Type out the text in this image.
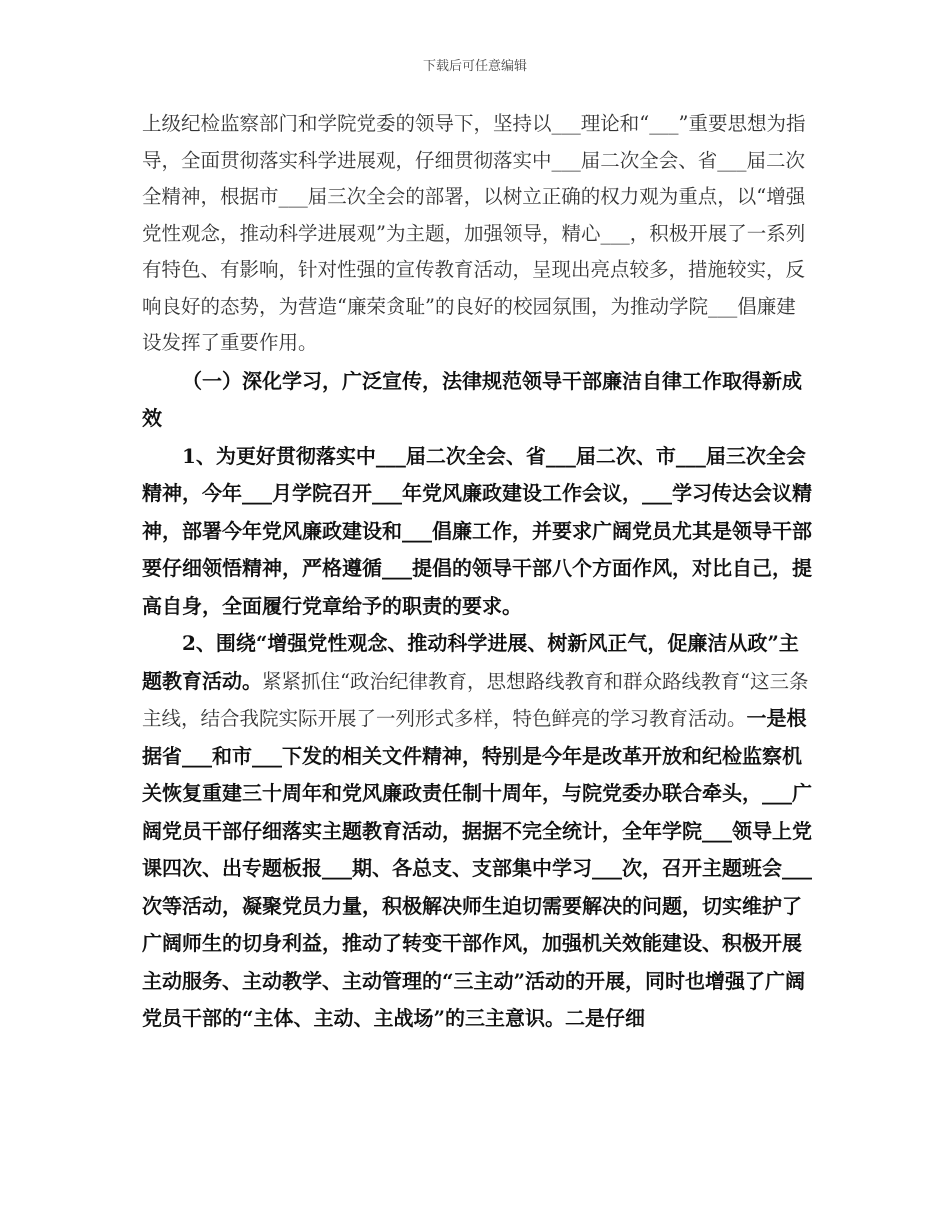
下载后可任意编辑

上级纪检监察部门和学院党委的领导下，坚持以___理论和“___”重要思想为指导，全面贯彻落实科学进展观，仔细贯彻落实中___届二次全会、省___届二次全精神，根据市___届三次全会的部署，以树立正确的权力观为重点，以“增强党性观念，推动科学进展观”为主题，加强领导，精心___，积极开展了一系列有特色、有影响，针对性强的宣传教育活动，呈现出亮点较多，措施较实，反响良好的态势，为营造“廉荣贪耻”的良好的校园氛围，为推动学院___倡廉建设发挥了重要作用。

（一）深化学习，广泛宣传，法律规范领导干部廉洁自律工作取得新成效

1、为更好贯彻落实中___届二次全会、省___届二次、市___届三次全会精神，今年___月学院召开___年党风廉政建设工作会议，___学习传达会议精神，部署今年党风廉政建设和___倡廉工作，并要求广阔党员尤其是领导干部要仔细领悟精神，严格遵循___提倡的领导干部八个方面作风，对比自己，提高自身，全面履行党章给予的职责的要求。

2、围绕“增强党性观念、推动科学进展、树新风正气，促廉洁从政”主题教育活动。紧紧抓住“政治纪律教育，思想路线教育和群众路线教育“这三条主线，结合我院实际开展了一列形式多样，特色鲜亮的学习教育活动。一是根据省___和市___下发的相关文件精神，特别是今年是改革开放和纪检监察机关恢复重建三十周年和党风廉政责任制十周年，与院党委办联合牵头，___广阔党员干部仔细落实主题教育活动，据据不完全统计，全年学院___领导上党课四次、出专题板报___期、各总支、支部集中学习___次，召开主题班会___次等活动，凝聚党员力量，积极解决师生迫切需要解决的问题，切实维护了广阔师生的切身利益，推动了转变干部作风，加强机关效能建设、积极开展主动服务、主动教学、主动管理的“三主动”活动的开展，同时也增强了广阔党员干部的“主体、主动、主战场”的三主意识。二是仔细
